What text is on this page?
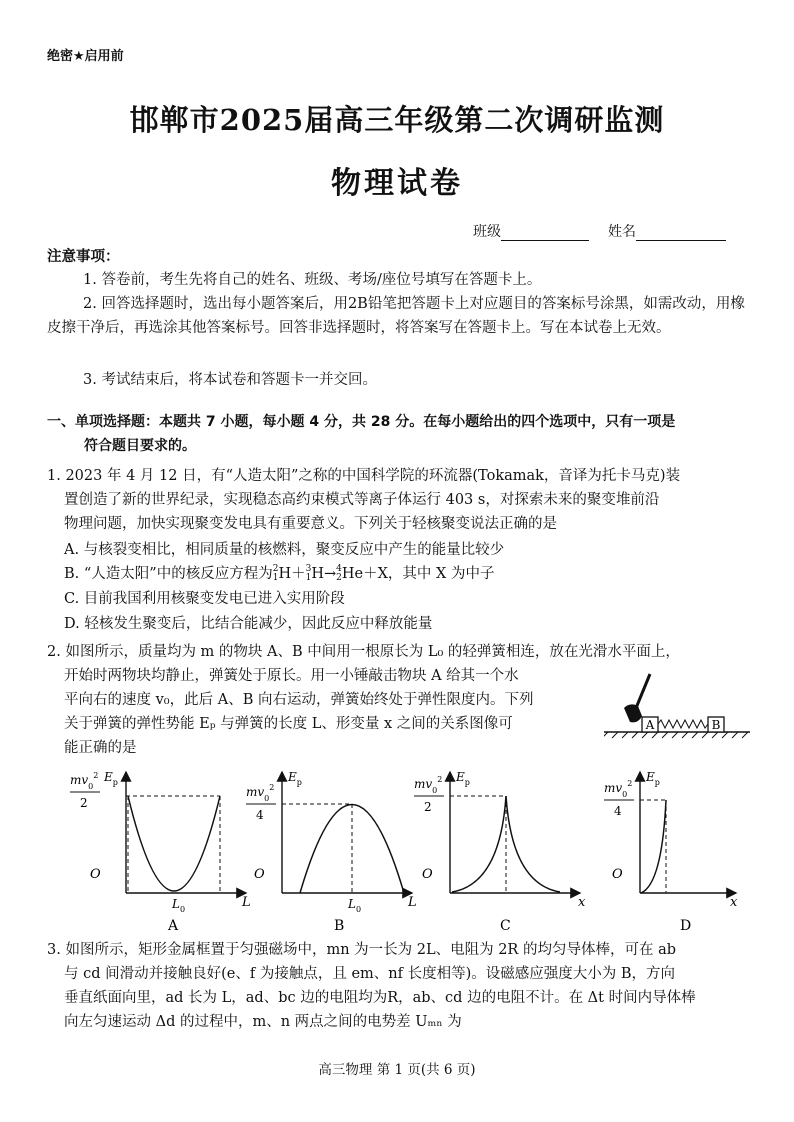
绝密★启用前
邯郸市2025届高三年级第二次调研监测
物理试卷
班级	姓名
注意事项：
1. 答卷前，考生先将自己的姓名、班级、考场/座位号填写在答题卡上。
2. 回答选择题时，选出每小题答案后，用2B铅笔把答题卡上对应题目的答案标号涂黑，如需改动，用橡皮擦干净后，再选涂其他答案标号。回答非选择题时，将答案写在答题卡上。写在本试卷上无效。
3. 考试结束后，将本试卷和答题卡一并交回。
一、单项选择题：本题共 7 小题，每小题 4 分，共 28 分。在每小题给出的四个选项中，只有一项是
符合题目要求的。
1. 2023 年 4 月 12 日，有“人造太阳”之称的中国科学院的环流器(Tokamak，音译为托卡马克)装
置创造了新的世界纪录，实现稳态高约束模式等离子体运行 403 s，对探索未来的聚变堆前沿
物理问题，加快实现聚变发电具有重要意义。下列关于轻核聚变说法正确的是
A. 与核裂变相比，相同质量的核燃料，聚变反应中产生的能量比较少
B. “人造太阳”中的核反应方程为2
1H＋3
1H→4
2He＋X，其中 X 为中子
C. 目前我国利用核聚变发电已进入实用阶段
D. 轻核发生聚变后，比结合能减少，因此反应中释放能量
2. 如图所示，质量均为 m 的物块 A、B 中间用一根原长为 L₀ 的轻弹簧相连，放在光滑水平面上，
开始时两物块均静止，弹簧处于原长。用一小锤敲击物块 A 给其一个水
平向右的速度 v₀，此后 A、B 向右运动，弹簧始终处于弹性限度内。下列
关于弹簧的弹性势能 Eₚ 与弹簧的长度 L、形变量 x 之间的关系图像可
能正确的是
A	B
$mv_0^2$
2
$E_p$
O
$L_0$	L
A
$mv_0^2$
4
$E_p$
O
$L_0$	L
B
$mv_0^2$
2
$E_p$
O
x
C
$mv_0^2$
4
$E_p$
O
x
D
3. 如图所示，矩形金属框置于匀强磁场中，mn 为一长为 2L、电阻为 2R 的均匀导体棒，可在 ab
与 cd 间滑动并接触良好(e、f 为接触点，且 em、nf 长度相等)。设磁感应强度大小为 B，方向
垂直纸面向里，ad 长为 L，ad、bc 边的电阻均为R，ab、cd 边的电阻不计。在 Δt 时间内导体棒
向左匀速运动 Δd 的过程中，m、n 两点之间的电势差 Uₘₙ 为
高三物理 第 1 页(共 6 页)
